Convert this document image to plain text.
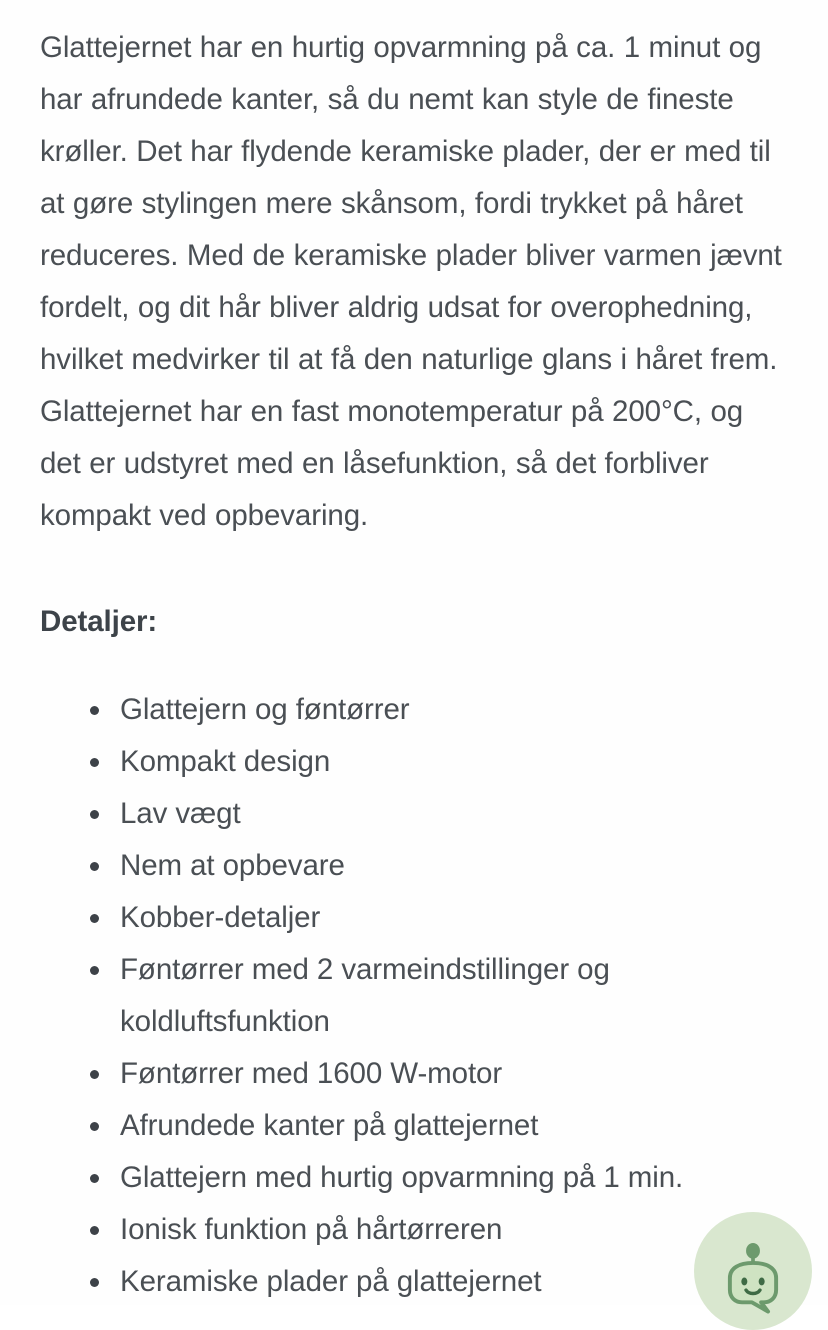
Glattejernet har en hurtig opvarmning på ca. 1 minut og har afrundede kanter, så du nemt kan style de fineste krøller. Det har flydende keramiske plader, der er med til at gøre stylingen mere skånsom, fordi trykket på håret reduceres. Med de keramiske plader bliver varmen jævnt fordelt, og dit hår bliver aldrig udsat for overophedning, hvilket medvirker til at få den naturlige glans i håret frem. Glattejernet har en fast monotemperatur på 200°C, og det er udstyret med en låsefunktion, så det forbliver kompakt ved opbevaring.

Detaljer:

Glattejern og føntørrer
Kompakt design
Lav vægt
Nem at opbevare
Kobber-detaljer
Føntørrer med 2 varmeindstillinger og koldluftsfunktion
Føntørrer med 1600 W-motor
Afrundede kanter på glattejernet
Glattejern med hurtig opvarmning på 1 min.
Ionisk funktion på hårtørreren
Keramiske plader på glattejernet
